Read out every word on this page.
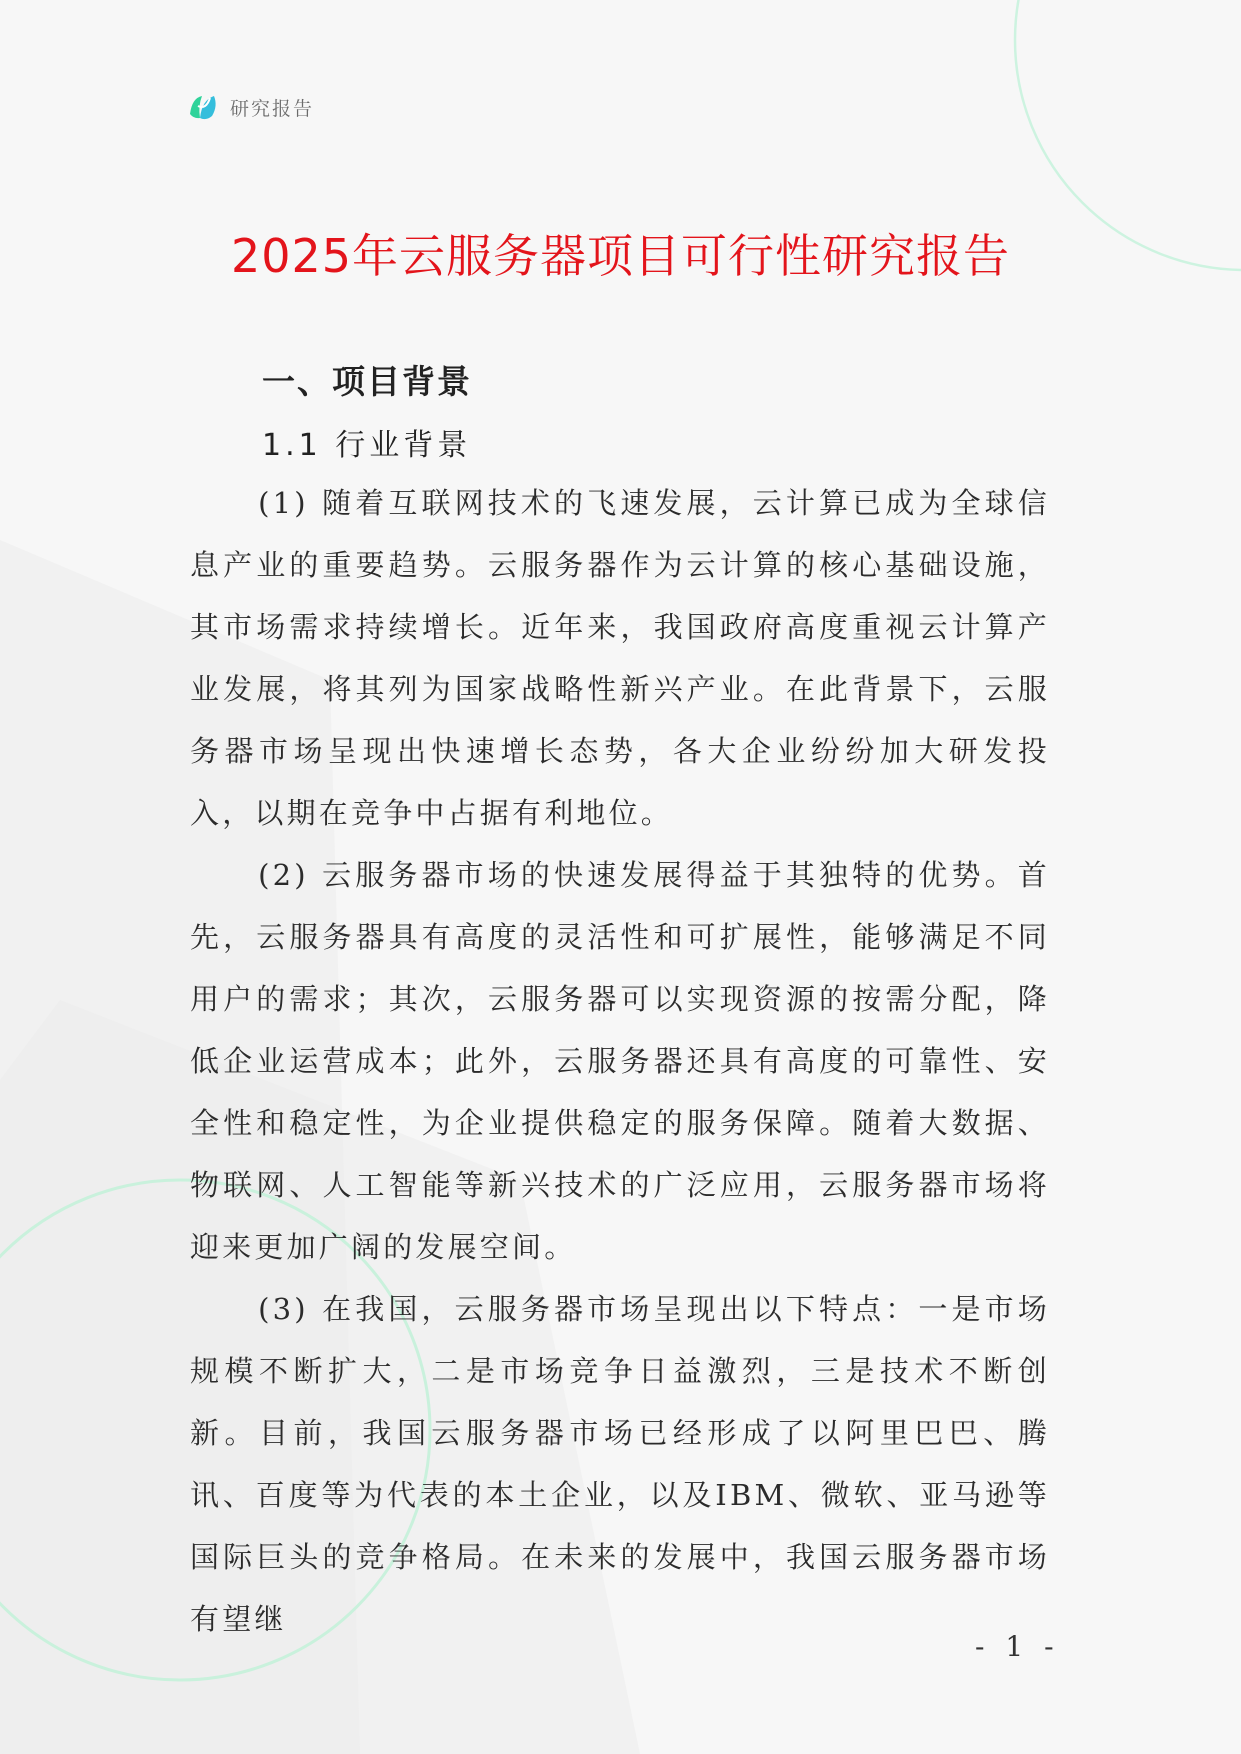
研究报告
2025年云服务器项目可行性研究报告
一、项目背景
1.1 行业背景

(1) 随着互联网技术的飞速发展，云计算已成为全球信息产业的重要趋势。云服务器作为云计算的核心基础设施，其市场需求持续增长。近年来，我国政府高度重视云计算产业发展，将其列为国家战略性新兴产业。在此背景下，云服务器市场呈现出快速增长态势，各大企业纷纷加大研发投入，以期在竞争中占据有利地位。

(2) 云服务器市场的快速发展得益于其独特的优势。首先，云服务器具有高度的灵活性和可扩展性，能够满足不同用户的需求；其次，云服务器可以实现资源的按需分配，降低企业运营成本；此外，云服务器还具有高度的可靠性、安全性和稳定性，为企业提供稳定的服务保障。随着大数据、物联网、人工智能等新兴技术的广泛应用，云服务器市场将迎来更加广阔的发展空间。

(3) 在我国，云服务器市场呈现出以下特点：一是市场规模不断扩大，二是市场竞争日益激烈，三是技术不断创新。目前，我国云服务器市场已经形成了以阿里巴巴、腾讯、百度等为代表的本土企业，以及IBM、微软、亚马逊等国际巨头的竞争格局。在未来的发展中，我国云服务器市场有望继

- 1 -
